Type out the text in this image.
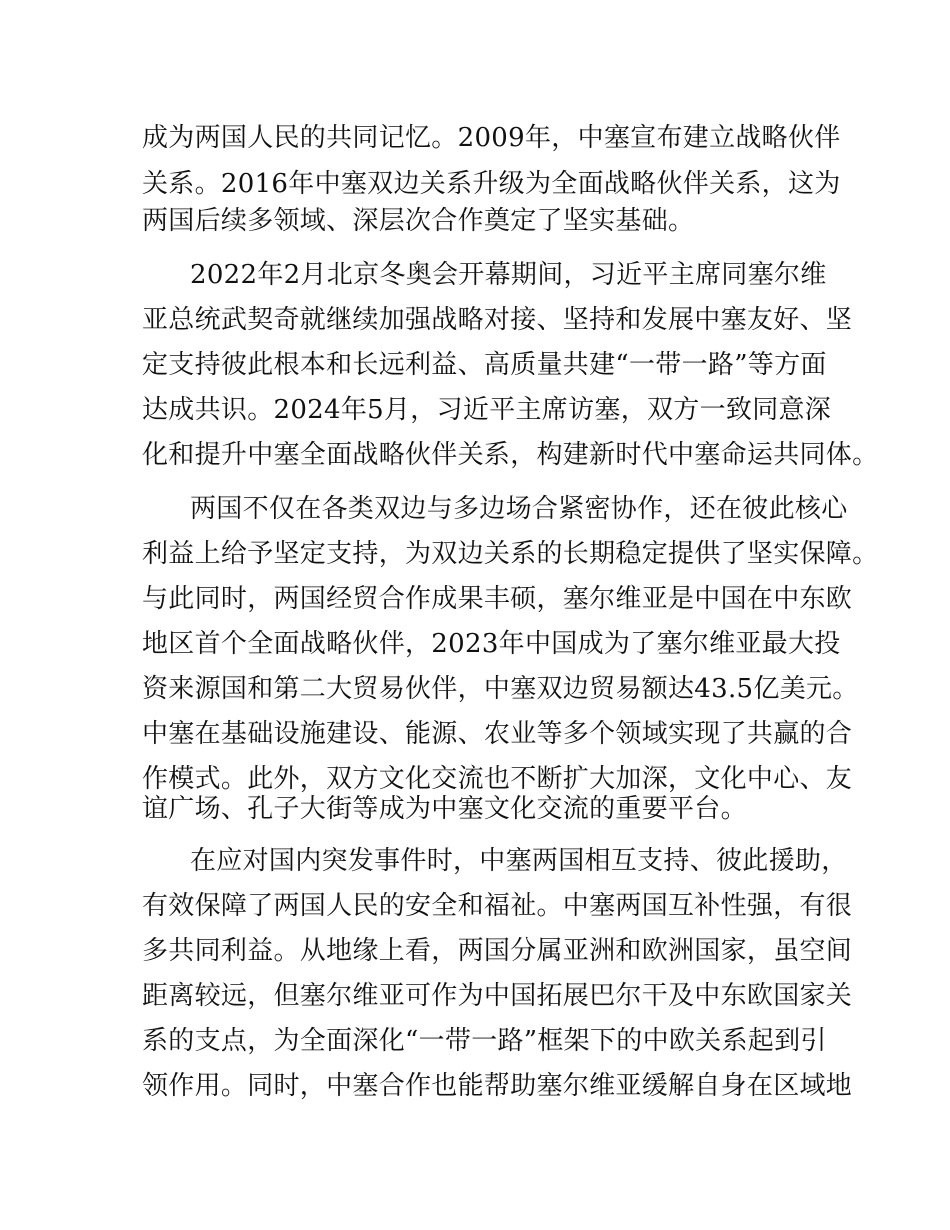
成为两国人民的共同记忆。2009年，中塞宣布建立战略伙伴
关系。2016年中塞双边关系升级为全面战略伙伴关系，这为
两国后续多领域、深层次合作奠定了坚实基础。
2022年2月北京冬奥会开幕期间，习近平主席同塞尔维
亚总统武契奇就继续加强战略对接、坚持和发展中塞友好、坚
定支持彼此根本和长远利益、高质量共建“一带一路”等方面
达成共识。2024年5月，习近平主席访塞，双方一致同意深
化和提升中塞全面战略伙伴关系，构建新时代中塞命运共同体。
两国不仅在各类双边与多边场合紧密协作，还在彼此核心
利益上给予坚定支持，为双边关系的长期稳定提供了坚实保障。
与此同时，两国经贸合作成果丰硕，塞尔维亚是中国在中东欧
地区首个全面战略伙伴，2023年中国成为了塞尔维亚最大投
资来源国和第二大贸易伙伴，中塞双边贸易额达43.5亿美元。
中塞在基础设施建设、能源、农业等多个领域实现了共赢的合
作模式。此外，双方文化交流也不断扩大加深，文化中心、友
谊广场、孔子大街等成为中塞文化交流的重要平台。
在应对国内突发事件时，中塞两国相互支持、彼此援助，
有效保障了两国人民的安全和福祉。中塞两国互补性强，有很
多共同利益。从地缘上看，两国分属亚洲和欧洲国家，虽空间
距离较远，但塞尔维亚可作为中国拓展巴尔干及中东欧国家关
系的支点，为全面深化“一带一路”框架下的中欧关系起到引
领作用。同时，中塞合作也能帮助塞尔维亚缓解自身在区域地
